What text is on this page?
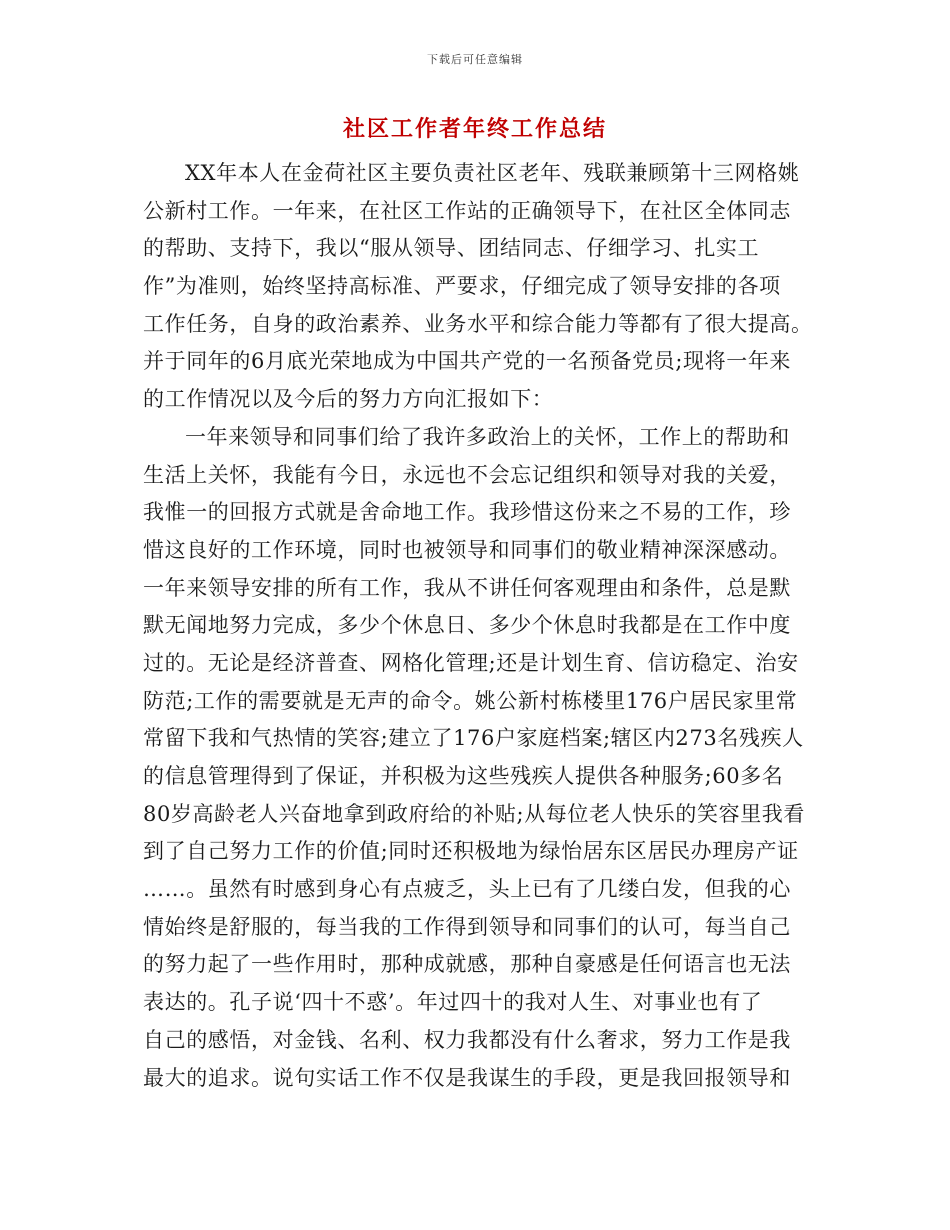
下载后可任意编辑
社区工作者年终工作总结
XX年本人在金荷社区主要负责社区老年、残联兼顾第十三网格姚
公新村工作。一年来，在社区工作站的正确领导下，在社区全体同志
的帮助、支持下，我以“服从领导、团结同志、仔细学习、扎实工
作”为准则，始终坚持高标准、严要求，仔细完成了领导安排的各项
工作任务，自身的政治素养、业务水平和综合能力等都有了很大提高。
并于同年的6月底光荣地成为中国共产党的一名预备党员;现将一年来
的工作情况以及今后的努力方向汇报如下：
一年来领导和同事们给了我许多政治上的关怀，工作上的帮助和
生活上关怀，我能有今日，永远也不会忘记组织和领导对我的关爱，
我惟一的回报方式就是舍命地工作。我珍惜这份来之不易的工作，珍
惜这良好的工作环境，同时也被领导和同事们的敬业精神深深感动。
一年来领导安排的所有工作，我从不讲任何客观理由和条件，总是默
默无闻地努力完成，多少个休息日、多少个休息时我都是在工作中度
过的。无论是经济普查、网格化管理;还是计划生育、信访稳定、治安
防范;工作的需要就是无声的命令。姚公新村栋楼里176户居民家里常
常留下我和气热情的笑容;建立了176户家庭档案;辖区内273名残疾人
的信息管理得到了保证，并积极为这些残疾人提供各种服务;60多名
80岁高龄老人兴奋地拿到政府给的补贴;从每位老人快乐的笑容里我看
到了自己努力工作的价值;同时还积极地为绿怡居东区居民办理房产证
……。虽然有时感到身心有点疲乏，头上已有了几缕白发，但我的心
情始终是舒服的，每当我的工作得到领导和同事们的认可，每当自己
的努力起了一些作用时，那种成就感，那种自豪感是任何语言也无法
表达的。孔子说‘四十不惑’。年过四十的我对人生、对事业也有了
自己的感悟，对金钱、名利、权力我都没有什么奢求，努力工作是我
最大的追求。说句实话工作不仅是我谋生的手段，更是我回报领导和
